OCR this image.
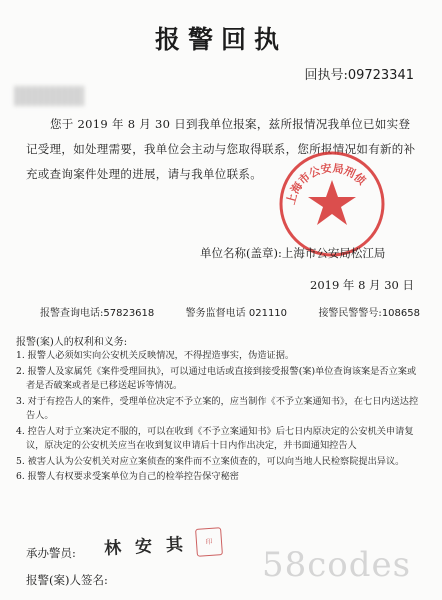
报警回执
回执号:09723341
您于 2019 年 8 月 30 日到我单位报案，兹所报情况我单位已如实登记受理，如处理需要，我单位会主动与您取得联系，您所报情况如有新的补充或查询案件处理的进展，请与我单位联系。
上海市公安局刑侦
单位名称(盖章):上海市公安局松江局
2019 年 8 月 30 日
报警查询电话:57823618	警务监督电话 021110	接警民警警号:108658
报警(案)人的权利和义务:
1. 报警人必须如实向公安机关反映情况，不得捏造事实，伪造证据。
2. 报警人及家属凭《案件受理回执》，可以通过电话或直接到接受报警(案)单位查询该案是否立案或者是否破案或者是已移送起诉等情况。
3. 对于有控告人的案件，受理单位决定不予立案的，应当制作《不予立案通知书》，在七日内送达控告人。
4. 控告人对于立案决定不服的，可以在收到《不予立案通知书》后七日内原决定的公安机关申请复议，原决定的公安机关应当在收到复议申请后十日内作出决定，并书面通知控告人
5. 被害人认为公安机关对应立案侦查的案件而不立案侦查的，可以向当地人民检察院提出异议。
6. 报警人有权要求受案单位为自己的检举控告保守秘密
承办警员: 林 安 其	印
报警(案)人签名:	58codes
